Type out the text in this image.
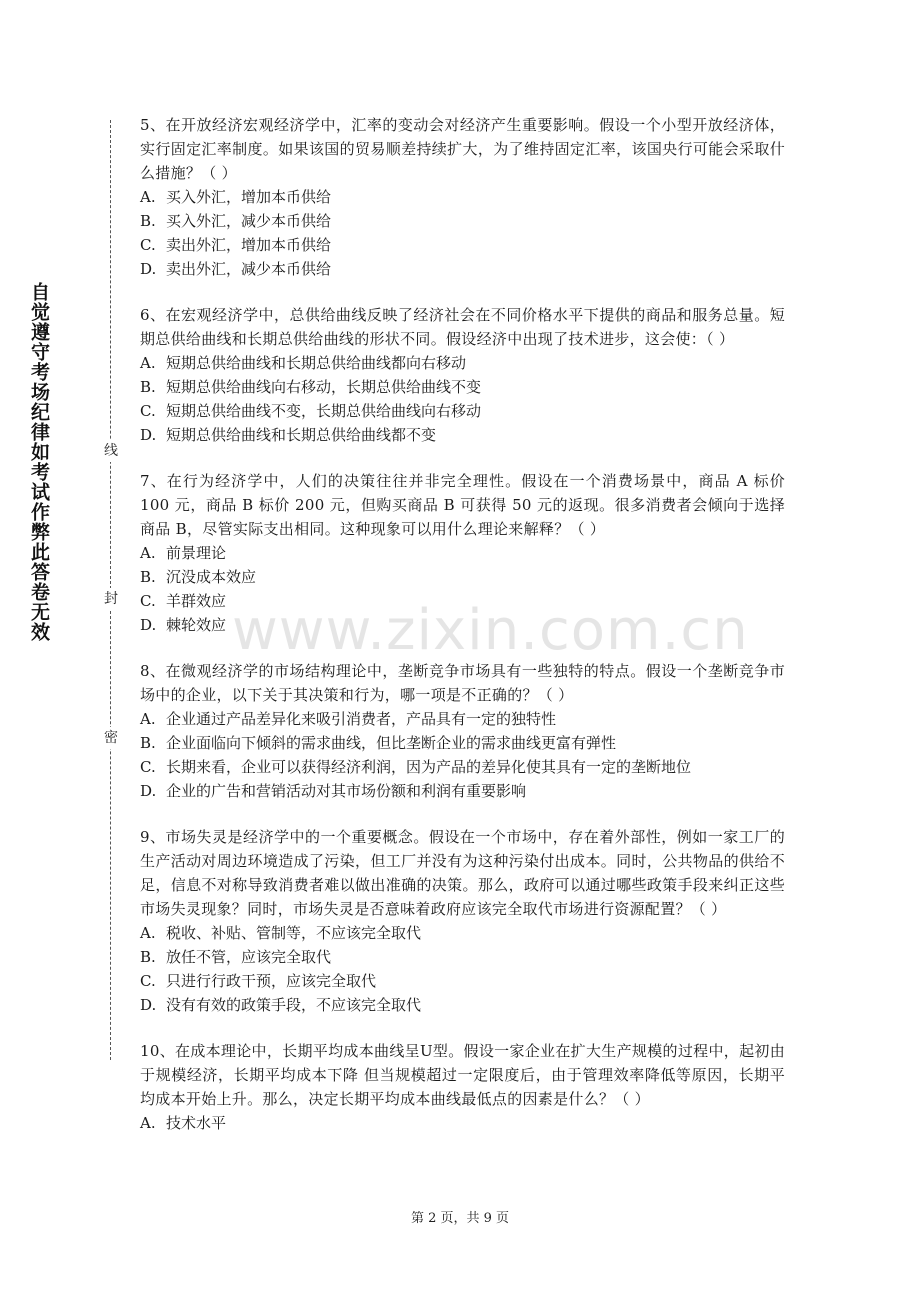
自觉遵守考场纪律如考试作弊此答卷无效	线
封
密

5、在开放经济宏观经济学中，汇率的变动会对经济产生重要影响。假设一个小型开放经济体，实行固定汇率制度。如果该国的贸易顺差持续扩大，为了维持固定汇率，该国央行可能会采取什么措施？（ ）

A. 买入外汇，增加本币供给
B. 买入外汇，减少本币供给
C. 卖出外汇，增加本币供给
D. 卖出外汇，减少本币供给

6、在宏观经济学中，总供给曲线反映了经济社会在不同价格水平下提供的商品和服务总量。短期总供给曲线和长期总供给曲线的形状不同。假设经济中出现了技术进步，这会使：（ ）

A. 短期总供给曲线和长期总供给曲线都向右移动
B. 短期总供给曲线向右移动，长期总供给曲线不变
C. 短期总供给曲线不变，长期总供给曲线向右移动
D. 短期总供给曲线和长期总供给曲线都不变

7、在行为经济学中，人们的决策往往并非完全理性。假设在一个消费场景中，商品 A 标价 100 元，商品 B 标价 200 元，但购买商品 B 可获得 50 元的返现。很多消费者会倾向于选择商品 B，尽管实际支出相同。这种现象可以用什么理论来解释？（ ）

A. 前景理论
B. 沉没成本效应
C. 羊群效应
D. 棘轮效应

8、在微观经济学的市场结构理论中，垄断竞争市场具有一些独特的特点。假设一个垄断竞争市场中的企业，以下关于其决策和行为，哪一项是不正确的？（ ）

A. 企业通过产品差异化来吸引消费者，产品具有一定的独特性
B. 企业面临向下倾斜的需求曲线，但比垄断企业的需求曲线更富有弹性
C. 长期来看，企业可以获得经济利润，因为产品的差异化使其具有一定的垄断地位
D. 企业的广告和营销活动对其市场份额和利润有重要影响

9、市场失灵是经济学中的一个重要概念。假设在一个市场中，存在着外部性，例如一家工厂的生产活动对周边环境造成了污染，但工厂并没有为这种污染付出成本。同时，公共物品的供给不足，信息不对称导致消费者难以做出准确的决策。那么，政府可以通过哪些政策手段来纠正这些市场失灵现象？同时，市场失灵是否意味着政府应该完全取代市场进行资源配置？（ ）

A. 税收、补贴、管制等，不应该完全取代
B. 放任不管，应该完全取代
C. 只进行行政干预，应该完全取代
D. 没有有效的政策手段，不应该完全取代

10、在成本理论中，长期平均成本曲线呈U型。假设一家企业在扩大生产规模的过程中，起初由于规模经济，长期平均成本下降 但当规模超过一定限度后，由于管理效率降低等原因，长期平均成本开始上升。那么，决定长期平均成本曲线最低点的因素是什么？（ ）

A. 技术水平
www.zixin.com.cn
第 2 页，共 9 页
